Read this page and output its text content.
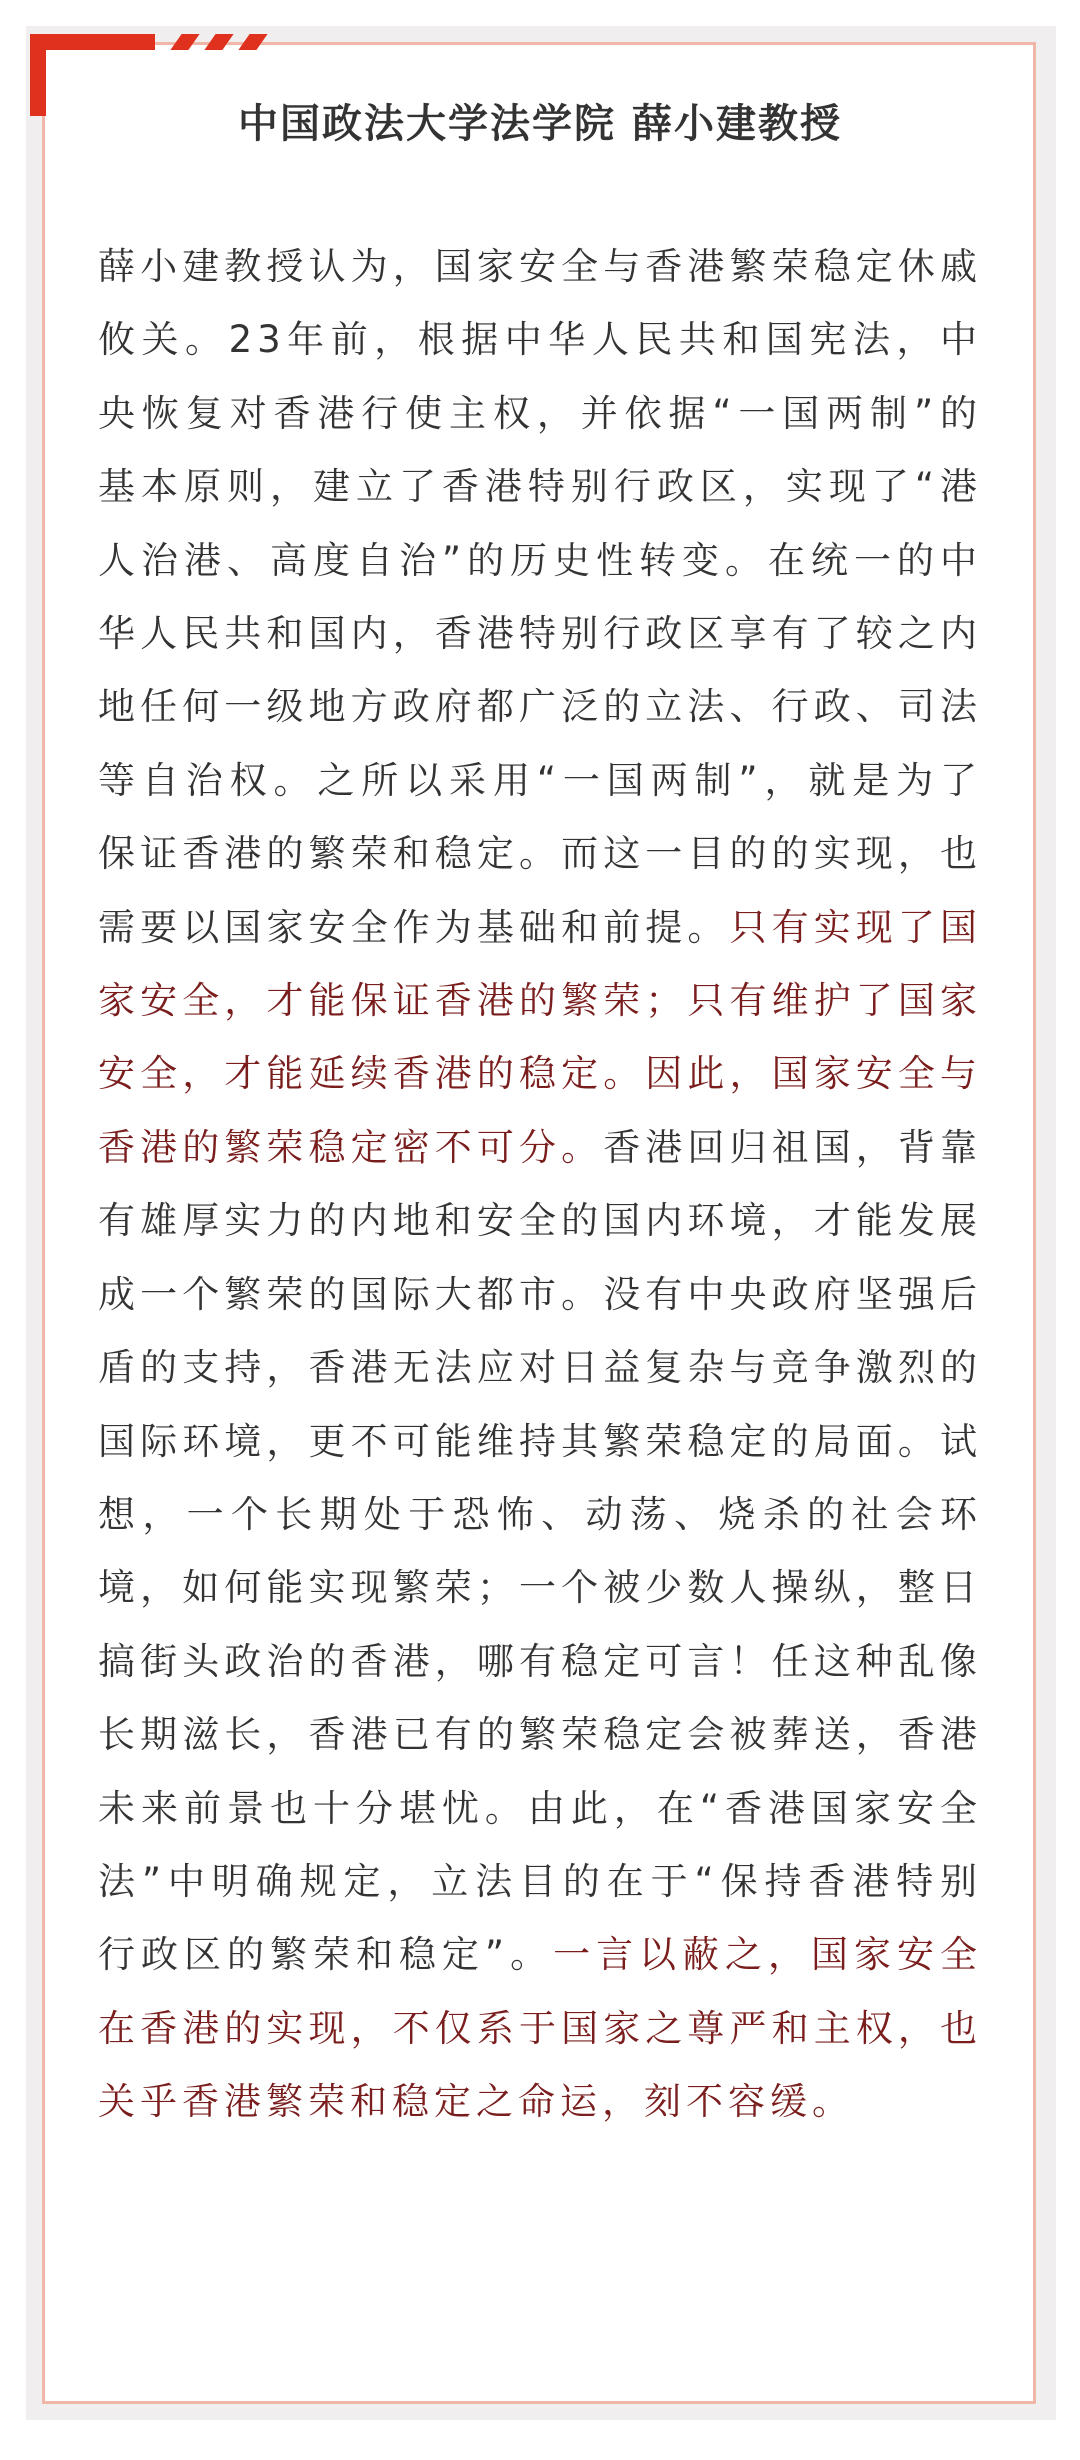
中国政法大学法学院 薛小建教授
薛小建教授认为，国家安全与香港繁荣稳定休戚攸关。23年前，根据中华人民共和国宪法，中央恢复对香港行使主权，并依据“一国两制”的基本原则，建立了香港特别行政区，实现了“港人治港、高度自治”的历史性转变。在统一的中华人民共和国内，香港特别行政区享有了较之内地任何一级地方政府都广泛的立法、行政、司法等自治权。之所以采用“一国两制”，就是为了保证香港的繁荣和稳定。而这一目的的实现，也需要以国家安全作为基础和前提。只有实现了国家安全，才能保证香港的繁荣；只有维护了国家安全，才能延续香港的稳定。因此，国家安全与香港的繁荣稳定密不可分。香港回归祖国，背靠有雄厚实力的内地和安全的国内环境，才能发展成一个繁荣的国际大都市。没有中央政府坚强后盾的支持，香港无法应对日益复杂与竞争激烈的国际环境，更不可能维持其繁荣稳定的局面。试想，一个长期处于恐怖、动荡、烧杀的社会环境，如何能实现繁荣；一个被少数人操纵，整日搞街头政治的香港，哪有稳定可言！任这种乱像长期滋长，香港已有的繁荣稳定会被葬送，香港未来前景也十分堪忧。由此，在“香港国家安全法”中明确规定，立法目的在于“保持香港特别行政区的繁荣和稳定”。一言以蔽之，国家安全在香港的实现，不仅系于国家之尊严和主权，也关乎香港繁荣和稳定之命运，刻不容缓。
